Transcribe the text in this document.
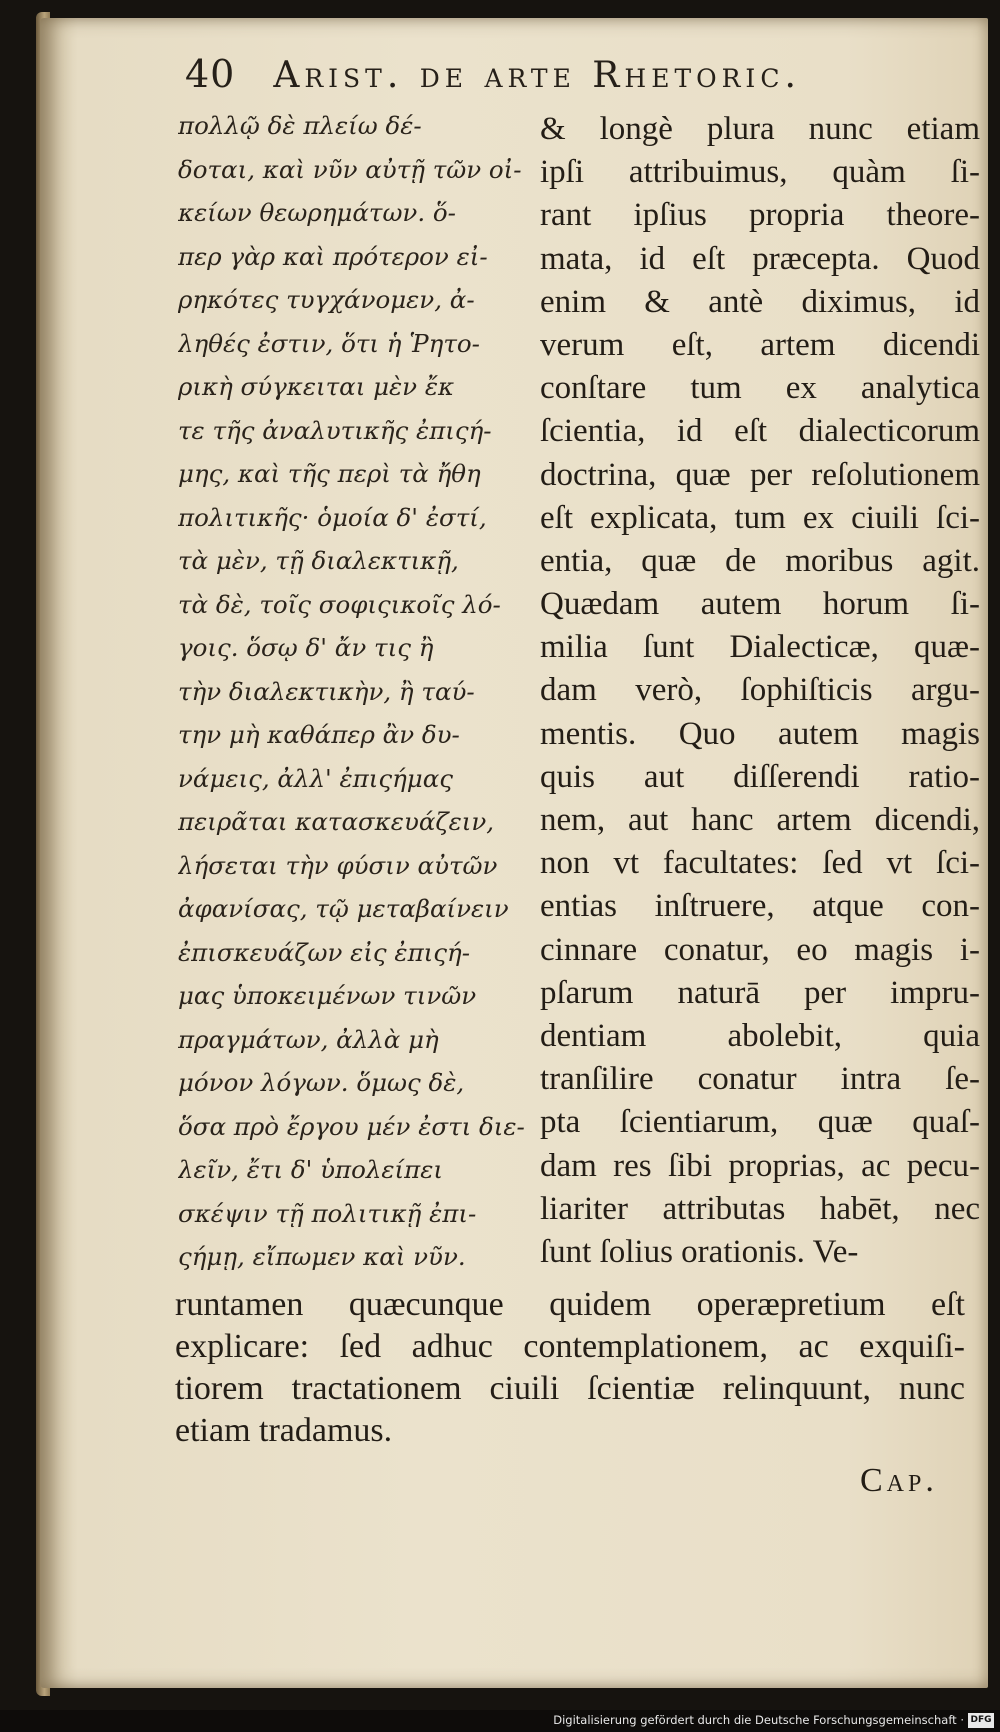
40 Arist. de arte Rhetoric.
πολλῷ δὲ πλείω δέ-
δοται, καὶ νῦν αὐτῇ τῶν οἰ-
κείων θεωρημάτων. ὅ-
περ γὰρ καὶ πρότερον εἰ-
ρηκότες τυγχάνομεν, ἀ-
ληθές ἐστιν, ὅτι ἡ Ῥητο-
ρικὴ σύγκειται μὲν ἔκ
τε τῆς ἀναλυτικῆς ἐπιςή-
μης, καὶ τῆς περὶ τὰ ἤθη
πολιτικῆς· ὁμοία δ' ἐστί,
τὰ μὲν, τῇ διαλεκτικῇ,
τὰ δὲ, τοῖς σοφιςικοῖς λό-
γοις. ὅσῳ δ' ἄν τις ἢ
τὴν διαλεκτικὴν, ἢ ταύ-
την μὴ καθάπερ ἂν δυ-
νάμεις, ἀλλ' ἐπιςήμας
πειρᾶται κατασκευάζειν,
λήσεται τὴν φύσιν αὐτῶν
ἀφανίσας, τῷ μεταβαίνειν
ἐπισκευάζων εἰς ἐπιςή-
μας ὑποκειμένων τινῶν
πραγμάτων, ἀλλὰ μὴ
μόνον λόγων. ὅμως δὲ,
ὅσα πρὸ ἔργου μέν ἐστι διε-
λεῖν, ἔτι δ' ὑπολείπει
σκέψιν τῇ πολιτικῇ ἐπι-
ςήμῃ, εἴπωμεν καὶ νῦν.
& longè plura nunc etiam
ipſi attribuimus, quàm ſi-
rant ipſius propria theore-
mata, id eſt præcepta. Quod
enim & antè diximus, id
verum eſt, artem dicendi
conſtare tum ex analytica
ſcientia, id eſt dialecticorum
doctrina, quæ per reſolutionem
eſt explicata, tum ex ciuili ſci-
entia, quæ de moribus agit.
Quædam autem horum ſi-
milia ſunt Dialecticæ, quæ-
dam verò, ſophiſticis argu-
mentis. Quo autem magis
quis aut diſſerendi ratio-
nem, aut hanc artem dicendi,
non vt facultates: ſed vt ſci-
entias inſtruere, atque con-
cinnare conatur, eo magis i-
pſarum naturā per impru-
dentiam abolebit, quia
tranſilire conatur intra ſe-
pta ſcientiarum, quæ quaſ-
dam res ſibi proprias, ac pecu-
liariter attributas habēt, nec
ſunt ſolius orationis. Ve-
runtamen quæcunque quidem operæpretium eſt
explicare: ſed adhuc contemplationem, ac exquiſi-
tiorem tractationem ciuili ſcientiæ relinquunt, nunc
etiam tradamus.
Cap.
Digitalisierung gefördert durch die Deutsche Forschungsgemeinschaft · DFG
